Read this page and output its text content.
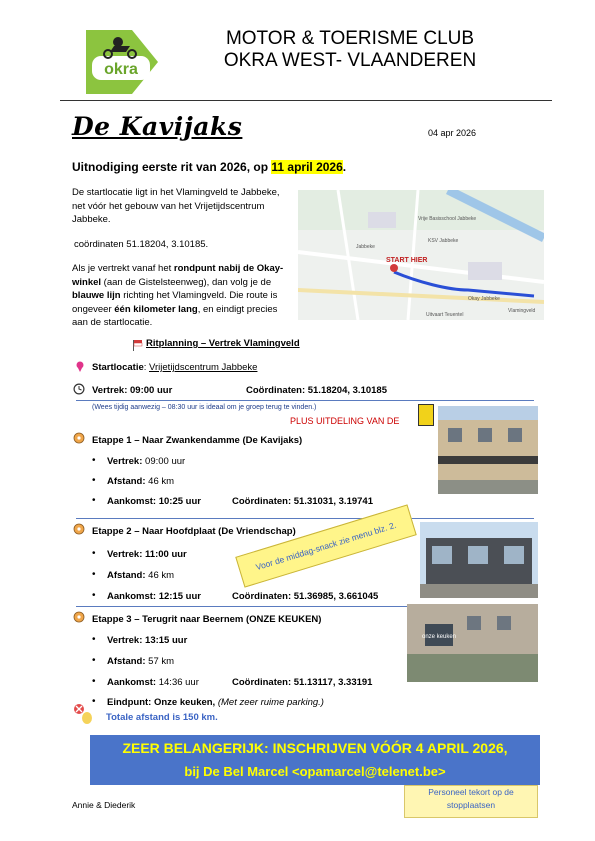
okra
MOTOR & TOERISME CLUB
OKRA WEST- VLAANDEREN
De Kavijaks	04 apr 2026
Uitnodiging eerste rit van 2026, op 11 april 2026.
De startlocatie ligt in het Vlamingveld te Jabbeke, net vóór het gebouw van het Vrijetijdscentrum Jabbeke.
coördinaten 51.18204, 3.10185.
Als je vertrekt vanaf het rondpunt nabij de Okay-winkel (aan de Gistelsteenweg), dan volg je de blauwe lijn richting het Vlamingveld. Die route is ongeveer één kilometer lang, en eindigt precies aan de startlocatie.
START HIER
Okay Jabbeke
Vlamingveld
Vrije Basisschool Jabbeke
KSV Jabbeke
Jabbeke
Uitvaart Teuentel
Ritplanning – Vertrek Vlamingveld
Startlocatie: Vrijetijdscentrum Jabbeke
Vertrek: 09:00 uur	Coördinaten: 51.18204, 3.10185
(Wees tijdig aanwezig – 08:30 uur is ideaal om je groep terug te vinden.)
PLUS UITDELING VAN DE
Etappe 1 – Naar Zwankendamme (De Kavijaks)
• Vertrek: 09:00 uur
• Afstand: 46 km
• Aankomst: 10:25 uur	Coördinaten: 51.31031, 3.19741
Etappe 2 – Naar Hoofdplaat (De Vriendschap)
• Vertrek: 11:00 uur
• Afstand: 46 km
• Aankomst: 12:15 uur	Coördinaten: 51.36985, 3.661045
Voor de middag-snack zie menu blz. 2.
Etappe 3 – Terugrit naar Beernem (ONZE KEUKEN)
• Vertrek: 13:15 uur
• Afstand: 57 km
• Aankomst: 14:36 uur	Coördinaten: 51.13117, 3.33191
• Eindpunt: Onze keuken, (Met zeer ruime parking.)
onze keuken
Totale afstand is 150 km.
ZEER BELANGERIJK: INSCHRIJVEN VÓÓR 4 APRIL 2026,
bij De Bel Marcel <opamarcel@telenet.be>
Personeel tekort op de stopplaatsen
Annie & Diederik
